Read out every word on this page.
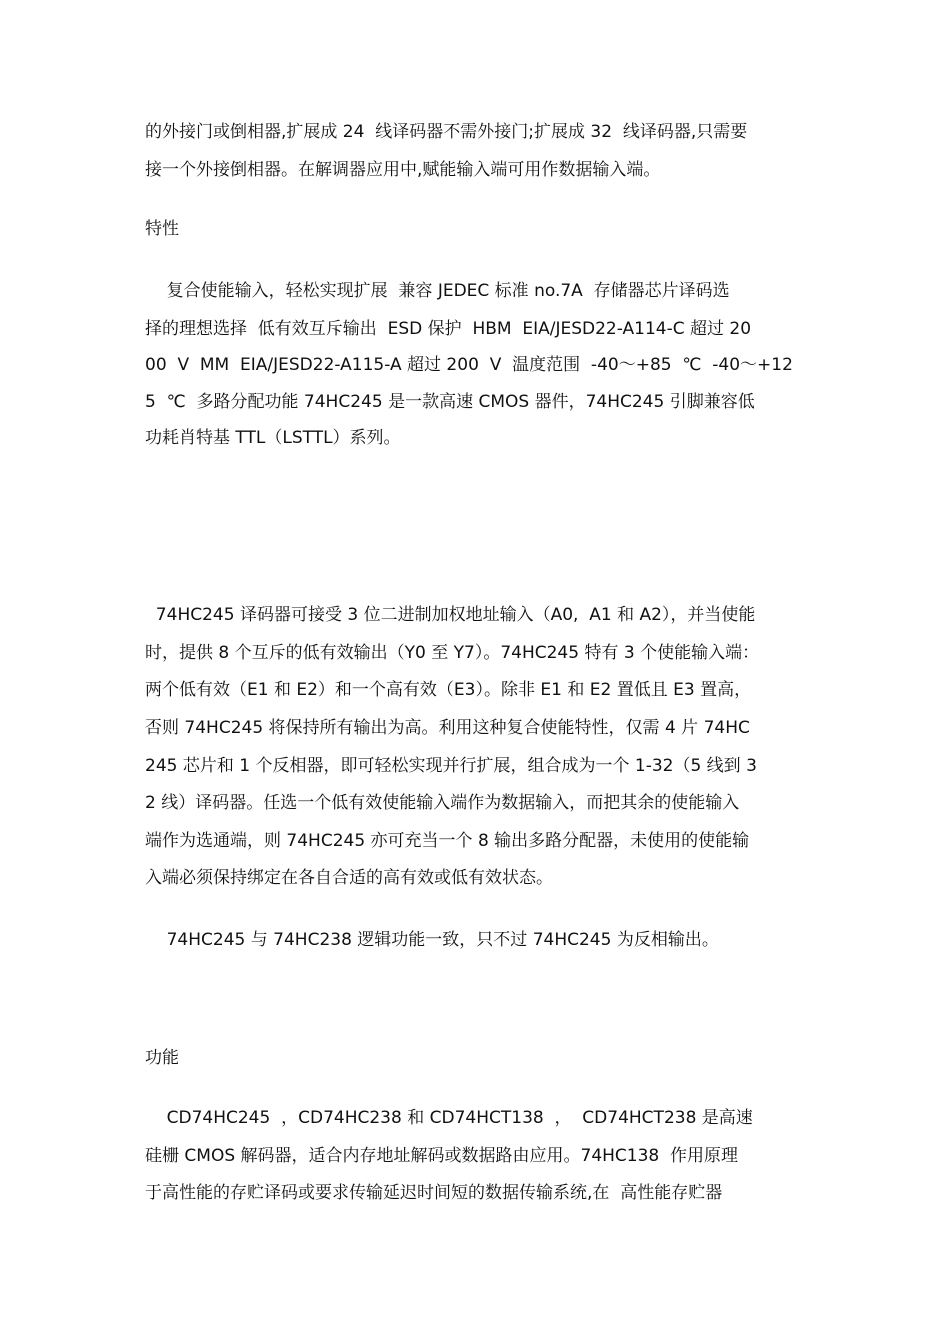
的外接门或倒相器,扩展成 24  线译码器不需外接门;扩展成 32  线译码器,只需要
接一个外接倒相器。在解调器应用中,赋能输入端可用作数据输入端。
特性
复合使能输入，轻松实现扩展  兼容 JEDEC 标准 no.7A  存储器芯片译码选
择的理想选择  低有效互斥输出  ESD 保护  HBM  EIA/JESD22-A114-C 超过 20
00  V  MM  EIA/JESD22-A115-A 超过 200  V  温度范围  -40～+85  ℃  -40～+12
5  ℃  多路分配功能 74HC245 是一款高速 CMOS 器件，74HC245 引脚兼容低
功耗肖特基 TTL（LSTTL）系列。
74HC245 译码器可接受 3 位二进制加权地址输入（A0,  A1 和 A2），并当使能
时，提供 8 个互斥的低有效输出（Y0 至 Y7）。74HC245 特有 3 个使能输入端：
两个低有效（E1 和 E2）和一个高有效（E3）。除非 E1 和 E2 置低且 E3 置高，
否则 74HC245 将保持所有输出为高。利用这种复合使能特性，仅需 4 片 74HC
245 芯片和 1 个反相器，即可轻松实现并行扩展，组合成为一个 1-32（5 线到 3
2 线）译码器。任选一个低有效使能输入端作为数据输入，而把其余的使能输入
端作为选通端，则 74HC245 亦可充当一个 8 输出多路分配器，未使用的使能输
入端必须保持绑定在各自合适的高有效或低有效状态。
74HC245 与 74HC238 逻辑功能一致，只不过 74HC245 为反相输出。
功能
CD74HC245  ，CD74HC238 和 CD74HCT138  ，  CD74HCT238 是高速
硅栅 CMOS 解码器，适合内存地址解码或数据路由应用。74HC138  作用原理
于高性能的存贮译码或要求传输延迟时间短的数据传输系统,在  高性能存贮器
